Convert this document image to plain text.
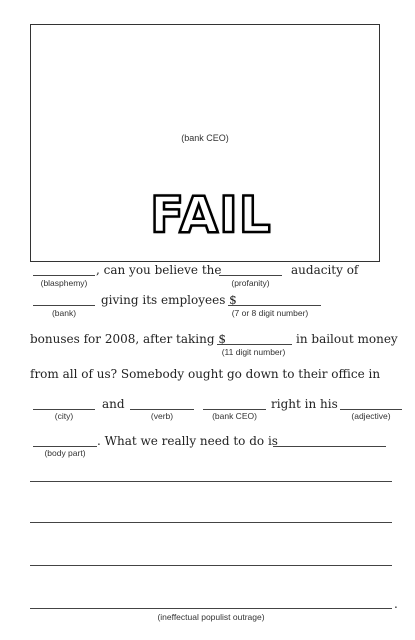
(bank CEO)
FAIL
(blasphemy)
, can you believe the
(profanity)
audacity of
(bank)
giving its employees $
(7 or 8 digit number)
bonuses for 2008, after taking $
(11 digit number)
in bailout money
from all of us? Somebody ought go down to their office in
(city)
and
(verb)	(bank CEO)
right in his
(adjective)
(body part)
. What we really need to do is
.
(ineffectual populist outrage)
